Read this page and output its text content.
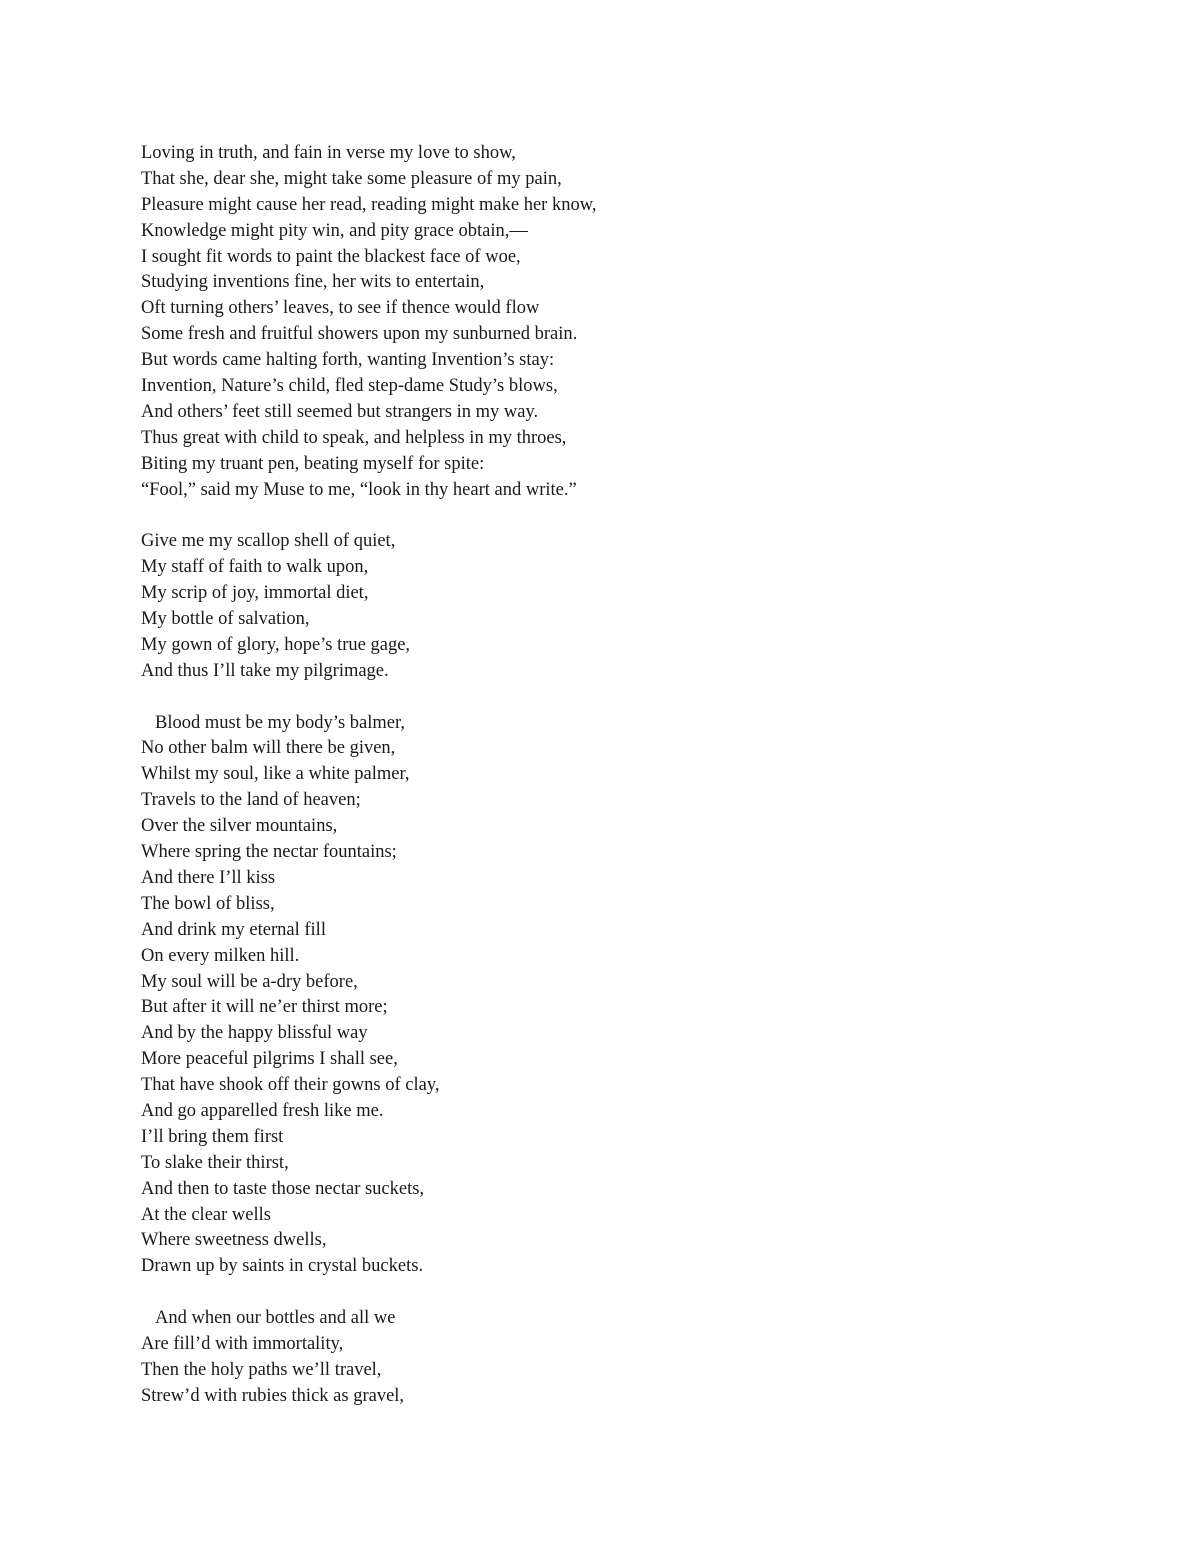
Loving in truth, and fain in verse my love to show,
That she, dear she, might take some pleasure of my pain,
Pleasure might cause her read, reading might make her know,
Knowledge might pity win, and pity grace obtain,—
I sought fit words to paint the blackest face of woe,
Studying inventions fine, her wits to entertain,
Oft turning others’ leaves, to see if thence would flow
Some fresh and fruitful showers upon my sunburned brain.
But words came halting forth, wanting Invention’s stay:
Invention, Nature’s child, fled step-dame Study’s blows,
And others’ feet still seemed but strangers in my way.
Thus great with child to speak, and helpless in my throes,
Biting my truant pen, beating myself for spite:
“Fool,” said my Muse to me, “look in thy heart and write.”
Give me my scallop shell of quiet,
My staff of faith to walk upon,
My scrip of joy, immortal diet,
My bottle of salvation,
My gown of glory, hope’s true gage,
And thus I’ll take my pilgrimage.
Blood must be my body’s balmer,
No other balm will there be given,
Whilst my soul, like a white palmer,
Travels to the land of heaven;
Over the silver mountains,
Where spring the nectar fountains;
And there I’ll kiss
The bowl of bliss,
And drink my eternal fill
On every milken hill.
My soul will be a-dry before,
But after it will ne’er thirst more;
And by the happy blissful way
More peaceful pilgrims I shall see,
That have shook off their gowns of clay,
And go apparelled fresh like me.
I’ll bring them first
To slake their thirst,
And then to taste those nectar suckets,
At the clear wells
Where sweetness dwells,
Drawn up by saints in crystal buckets.
And when our bottles and all we
Are fill’d with immortality,
Then the holy paths we’ll travel,
Strew’d with rubies thick as gravel,
